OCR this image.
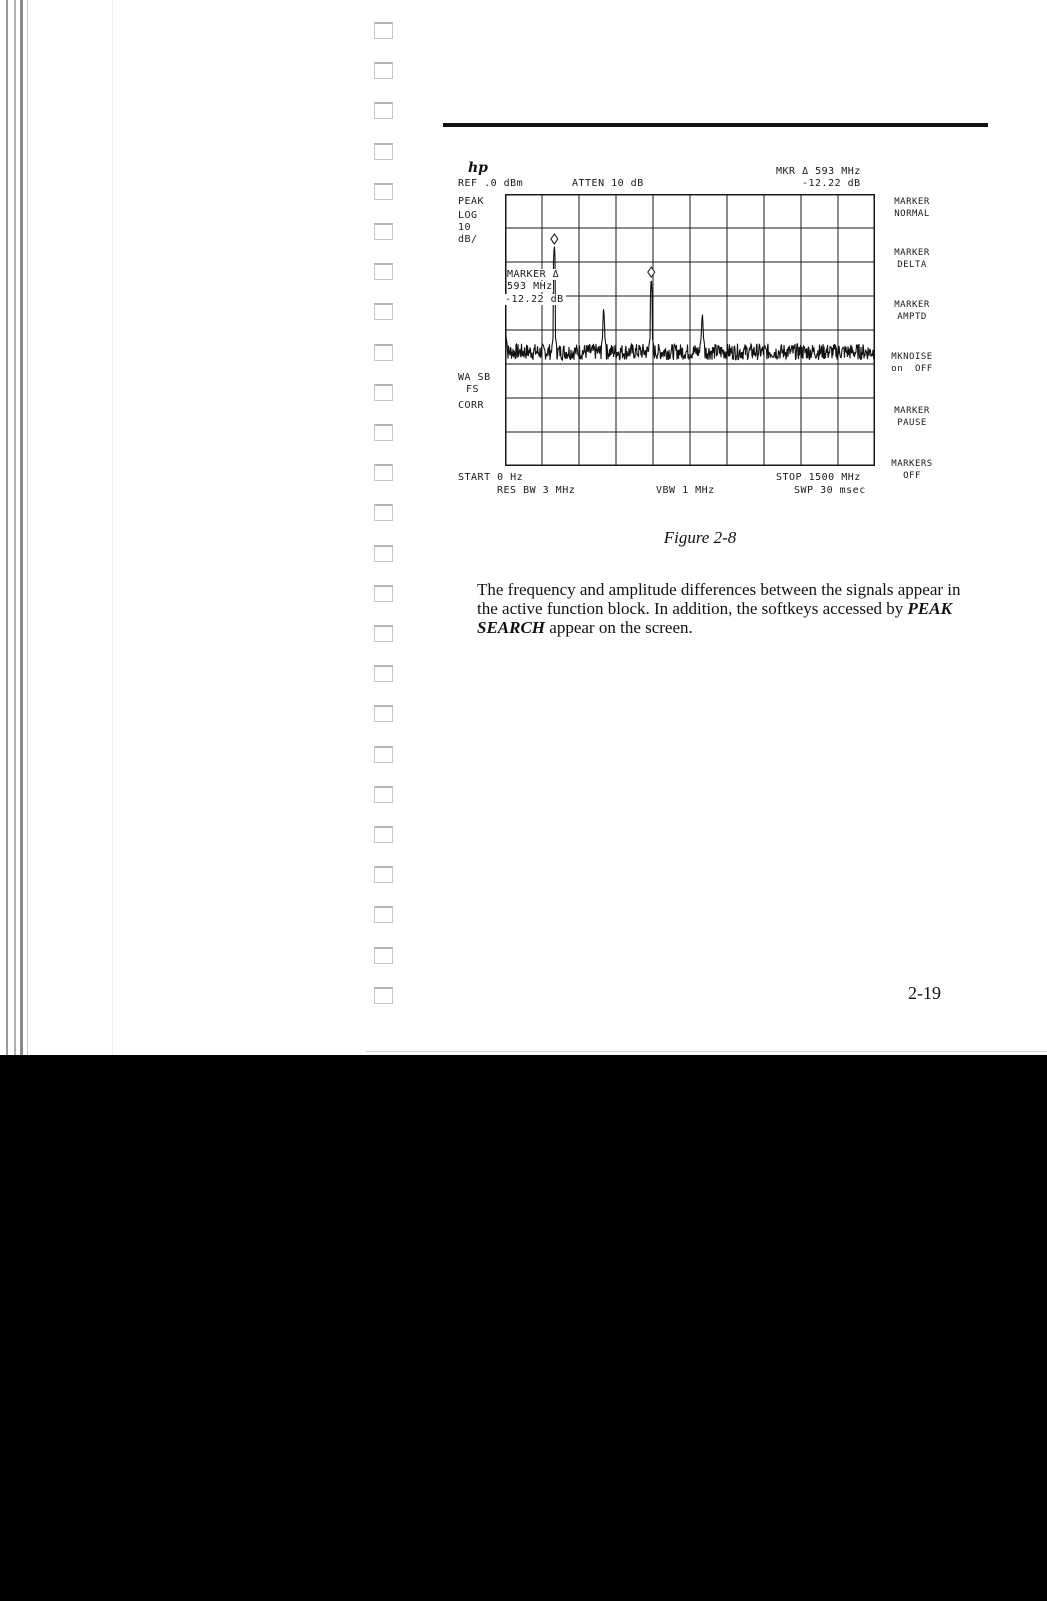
hp
REF .0 dBm	ATTEN 10 dB
MKR Δ 593 MHz
-12.22 dB
PEAK
LOG
10
dB/
WA SB
FS
CORR
MARKER Δ
593 MHz
-12.22 dB
START 0 Hz	STOP 1500 MHz
RES BW 3 MHz	VBW 1 MHz	SWP 30 msec
MARKER
NORMAL
MARKER
DELTA
MARKER
AMPTD
MKNOISE
on  OFF
MARKER
PAUSE
MARKERS
OFF
Figure 2-8
The frequency and amplitude differences between the signals appear in the active function block. In addition, the softkeys accessed by PEAK SEARCH appear on the screen.
2-19
